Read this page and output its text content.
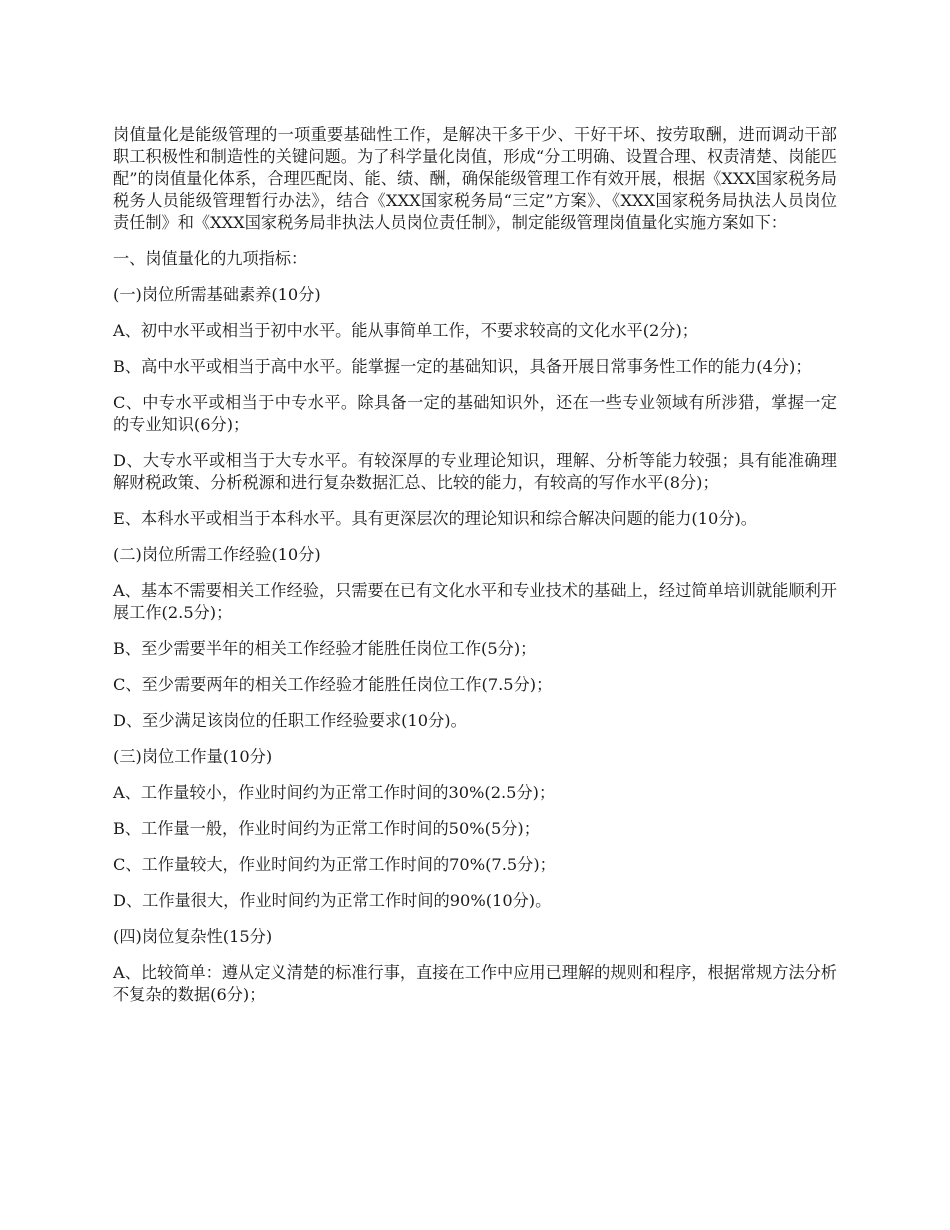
岗值量化是能级管理的一项重要基础性工作，是解决干多干少、干好干坏、按劳取酬，进而调动干部职工积极性和制造性的关键问题。为了科学量化岗值，形成“分工明确、设置合理、权责清楚、岗能匹配”的岗值量化体系，合理匹配岗、能、绩、酬，确保能级管理工作有效开展，根据《XXX国家税务局税务人员能级管理暂行办法》，结合《XXX国家税务局“三定”方案》、《XXX国家税务局执法人员岗位责任制》和《XXX国家税务局非执法人员岗位责任制》，制定能级管理岗值量化实施方案如下：

一、岗值量化的九项指标：

(一)岗位所需基础素养(10分)

A、初中水平或相当于初中水平。能从事简单工作，不要求较高的文化水平(2分)；

B、高中水平或相当于高中水平。能掌握一定的基础知识，具备开展日常事务性工作的能力(4分)；

C、中专水平或相当于中专水平。除具备一定的基础知识外，还在一些专业领域有所涉猎，掌握一定的专业知识(6分)；

D、大专水平或相当于大专水平。有较深厚的专业理论知识，理解、分析等能力较强；具有能准确理解财税政策、分析税源和进行复杂数据汇总、比较的能力，有较高的写作水平(8分)；

E、本科水平或相当于本科水平。具有更深层次的理论知识和综合解决问题的能力(10分)。

(二)岗位所需工作经验(10分)

A、基本不需要相关工作经验，只需要在已有文化水平和专业技术的基础上，经过简单培训就能顺利开展工作(2.5分)；

B、至少需要半年的相关工作经验才能胜任岗位工作(5分)；

C、至少需要两年的相关工作经验才能胜任岗位工作(7.5分)；

D、至少满足该岗位的任职工作经验要求(10分)。

(三)岗位工作量(10分)

A、工作量较小，作业时间约为正常工作时间的30%(2.5分)；

B、工作量一般，作业时间约为正常工作时间的50%(5分)；

C、工作量较大，作业时间约为正常工作时间的70%(7.5分)；

D、工作量很大，作业时间约为正常工作时间的90%(10分)。

(四)岗位复杂性(15分)

A、比较简单：遵从定义清楚的标准行事，直接在工作中应用已理解的规则和程序，根据常规方法分析不复杂的数据(6分)；
